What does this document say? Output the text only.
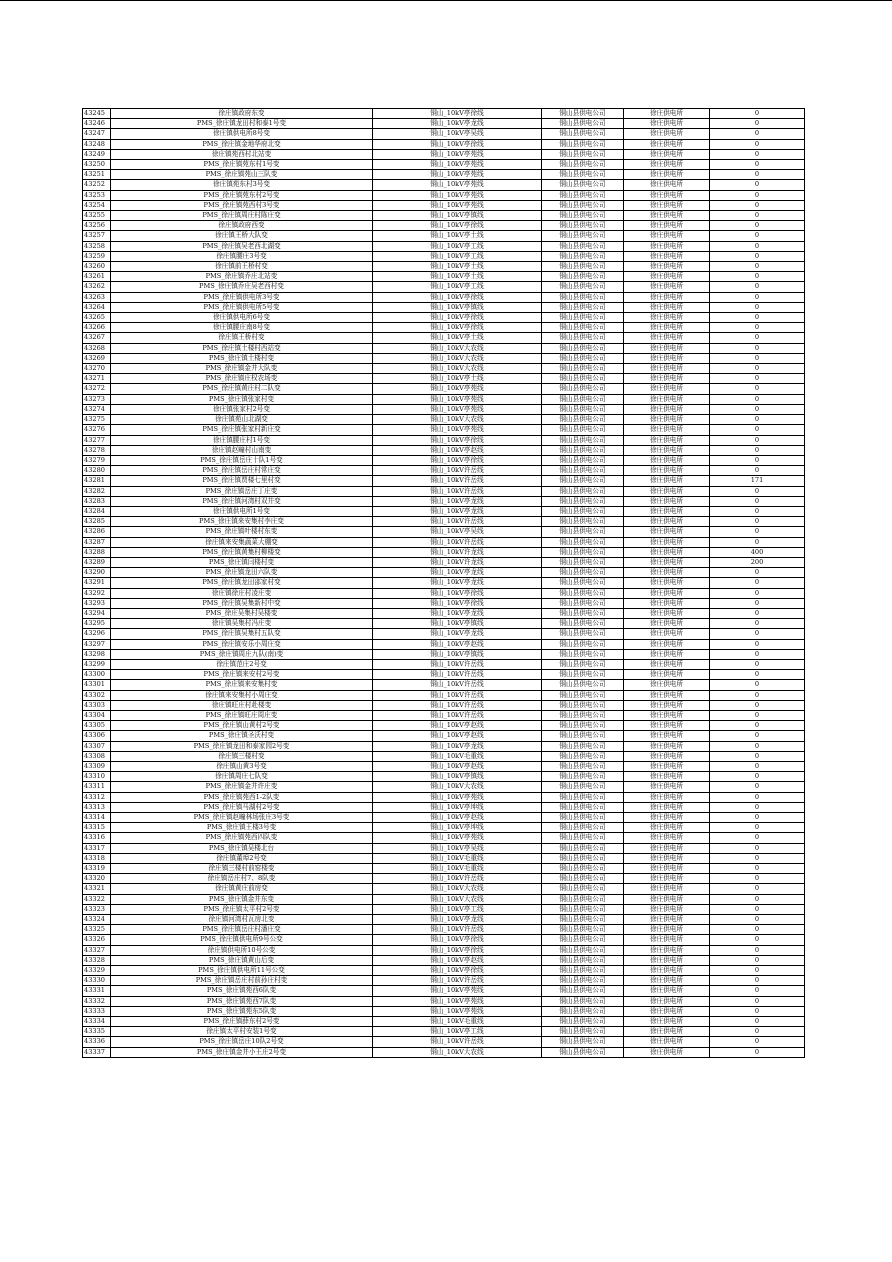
43245	徐庄镇政府东变	铜山_10kV亭徐线	铜山县供电公司	徐庄供电所	0
43246	PMS_徐庄镇龙田村和泰1号变	铜山_10kV亭龙线	铜山县供电公司	徐庄供电所	0
43247	徐庄镇供电所8号变	铜山_10kV亭吴线	铜山县供电公司	徐庄供电所	0
43248	PMS_徐庄镇金地华府北变	铜山_10kV亭徐线	铜山县供电公司	徐庄供电所	0
43249	徐庄镇苑西村北站变	铜山_10kV亭苑线	铜山县供电公司	徐庄供电所	0
43250	PMS_徐庄镇苑东村1号变	铜山_10kV亭苑线	铜山县供电公司	徐庄供电所	0
43251	PMS_徐庄镇苑山三队变	铜山_10kV亭苑线	铜山县供电公司	徐庄供电所	0
43252	徐庄镇苑东村3号变	铜山_10kV亭苑线	铜山县供电公司	徐庄供电所	0
43253	PMS_徐庄镇苑东村2号变	铜山_10kV亭苑线	铜山县供电公司	徐庄供电所	0
43254	PMS_徐庄镇苑西村3号变	铜山_10kV亭苑线	铜山县供电公司	徐庄供电所	0
43255	PMS_徐庄镇周庄村陈庄变	铜山_10kV亭镇线	铜山县供电公司	徐庄供电所	0
43256	徐庄镇政府西变	铜山_10kV亭徐线	铜山县供电公司	徐庄供电所	0
43257	徐庄镇王桥大队变	铜山_10kV亭土线	铜山县供电公司	徐庄供电所	0
43258	PMS_徐庄镇吴老西北湖变	铜山_10kV亭工线	铜山县供电公司	徐庄供电所	0
43259	徐庄镇腰庄3号变	铜山_10kV亭工线	铜山县供电公司	徐庄供电所	0
43260	徐庄镇前王桥村变	铜山_10kV亭土线	铜山县供电公司	徐庄供电所	0
43261	PMS_徐庄镇乔庄北站变	铜山_10kV亭土线	铜山县供电公司	徐庄供电所	0
43262	PMS_徐庄镇乔庄吴老西村变	铜山_10kV亭工线	铜山县供电公司	徐庄供电所	0
43263	PMS_徐庄镇供电所3号变	铜山_10kV亭徐线	铜山县供电公司	徐庄供电所	0
43264	PMS_徐庄镇供电所5号变	铜山_10kV亭镇线	铜山县供电公司	徐庄供电所	0
43265	徐庄镇供电所6号变	铜山_10kV亭徐线	铜山县供电公司	徐庄供电所	0
43266	徐庄镇腰庄南8号变	铜山_10kV亭徐线	铜山县供电公司	徐庄供电所	0
43267	徐庄镇王桥村变	铜山_10kV亭土线	铜山县供电公司	徐庄供电所	0
43268	PMS_徐庄镇土楼村西站变	铜山_10kV大农线	铜山县供电公司	徐庄供电所	0
43269	PMS_徐庄镇土楼村变	铜山_10kV大农线	铜山县供电公司	徐庄供电所	0
43270	PMS_徐庄镇金井大队变	铜山_10kV大农线	铜山县供电公司	徐庄供电所	0
43271	PMS_徐庄镇庄权农场变	铜山_10kV亭土线	铜山县供电公司	徐庄供电所	0
43272	PMS_徐庄镇黄庄村二队变	铜山_10kV亭苑线	铜山县供电公司	徐庄供电所	0
43273	PMS_徐庄镇张家村变	铜山_10kV亭苑线	铜山县供电公司	徐庄供电所	0
43274	徐庄镇张家村2号变	铜山_10kV亭苑线	铜山县供电公司	徐庄供电所	0
43275	徐庄镇苑山北湖变	铜山_10kV大农线	铜山县供电公司	徐庄供电所	0
43276	PMS_徐庄镇张家村新庄变	铜山_10kV亭苑线	铜山县供电公司	徐庄供电所	0
43277	徐庄镇腰庄村1号变	铜山_10kV亭徐线	铜山县供电公司	徐庄供电所	0
43278	徐庄镇赵疃村山南变	铜山_10kV亭赵线	铜山县供电公司	徐庄供电所	0
43279	PMS_徐庄镇岳庄十队1号变	铜山_10kV亭徐线	铜山县供电公司	徐庄供电所	0
43280	PMS_徐庄镇岳庄村常庄变	铜山_10kV许岳线	铜山县供电公司	徐庄供电所	0
43281	PMS_徐庄镇贾楼七里村变	铜山_10kV许岳线	铜山县供电公司	徐庄供电所	171
43282	PMS_徐庄镇岳庄丁庄变	铜山_10kV许岳线	铜山县供电公司	徐庄供电所	0
43283	PMS_徐庄镇河湾村双井变	铜山_10kV亭龙线	铜山县供电公司	徐庄供电所	0
43284	徐庄镇供电所1号变	铜山_10kV亭龙线	铜山县供电公司	徐庄供电所	0
43285	PMS_徐庄镇来安集村李庄变	铜山_10kV许岳线	铜山县供电公司	徐庄供电所	0
43286	PMS_徐庄镇叶楼村东变	铜山_10kV亭吴线	铜山县供电公司	徐庄供电所	0
43287	徐庄镇来安集蔬菜大棚变	铜山_10kV许岳线	铜山县供电公司	徐庄供电所	0
43288	PMS_徐庄镇黄集村柳楼变	铜山_10kV许龙线	铜山县供电公司	徐庄供电所	400
43289	PMS_徐庄镇闫楼村变	铜山_10kV许龙线	铜山县供电公司	徐庄供电所	200
43290	PMS_徐庄镇龙田六队变	铜山_10kV亭龙线	铜山县供电公司	徐庄供电所	0
43291	PMS_徐庄镇龙田邵家村变	铜山_10kV亭龙线	铜山县供电公司	徐庄供电所	0
43292	徐庄镇徐庄村凌庄变	铜山_10kV亭徐线	铜山县供电公司	徐庄供电所	0
43293	PMS_徐庄镇吴集新村中变	铜山_10kV亭徐线	铜山县供电公司	徐庄供电所	0
43294	PMS_徐庄吴集村吴楼变	铜山_10kV亭龙线	铜山县供电公司	徐庄供电所	0
43295	徐庄镇吴集村冯庄变	铜山_10kV亭镇线	铜山县供电公司	徐庄供电所	0
43296	PMS_徐庄镇吴集村五队变	铜山_10kV亭龙线	铜山县供电公司	徐庄供电所	0
43297	PMS_徐庄镇安乐小周庄变	铜山_10kV亭赵线	铜山县供电公司	徐庄供电所	0
43298	PMS_徐庄镇周庄九队(南)变	铜山_10kV亭镇线	铜山县供电公司	徐庄供电所	0
43299	徐庄镇范庄2号变	铜山_10kV许岳线	铜山县供电公司	徐庄供电所	0
43300	PMS_徐庄镇来安村2号变	铜山_10kV许岳线	铜山县供电公司	徐庄供电所	0
43301	PMS_徐庄镇来安集村变	铜山_10kV许岳线	铜山县供电公司	徐庄供电所	0
43302	徐庄镇来安集村小周庄变	铜山_10kV许岳线	铜山县供电公司	徐庄供电所	0
43303	徐庄镇旺庄村赴楼变	铜山_10kV许岳线	铜山县供电公司	徐庄供电所	0
43304	PMS_徐庄镇旺庄周庄变	铜山_10kV许岳线	铜山县供电公司	徐庄供电所	0
43305	PMS_徐庄镇山黄村2号变	铜山_10kV亭赵线	铜山县供电公司	徐庄供电所	0
43306	PMS_徐庄镇圣沃村变	铜山_10kV亭赵线	铜山县供电公司	徐庄供电所	0
43307	PMS_徐庄镇龙田和泰家园2号变	铜山_10kV亭龙线	铜山县供电公司	徐庄供电所	0
43308	徐庄镇三楼村变	铜山_10kV毛重线	铜山县供电公司	徐庄供电所	0
43309	徐庄镇山黄3号变	铜山_10kV亭赵线	铜山县供电公司	徐庄供电所	0
43310	徐庄镇周庄七队变	铜山_10kV亭镇线	铜山县供电公司	徐庄供电所	0
43311	PMS_徐庄镇金井许庄变	铜山_10kV大农线	铜山县供电公司	徐庄供电所	0
43312	PMS_徐庄镇苑西1-2队变	铜山_10kV亭苑线	铜山县供电公司	徐庄供电所	0
43313	PMS_徐庄镇马湖村2号变	铜山_10kV亭坤线	铜山县供电公司	徐庄供电所	0
43314	PMS_徐庄镇赵疃林场张庄3号变	铜山_10kV亭赵线	铜山县供电公司	徐庄供电所	0
43315	PMS_徐庄镇王楼3号变	铜山_10kV亭坤线	铜山县供电公司	徐庄供电所	0
43316	PMS_徐庄镇苑西四队变	铜山_10kV亭苑线	铜山县供电公司	徐庄供电所	0
43317	PMS_徐庄镇吴楼北台	铜山_10kV亭吴线	铜山县供电公司	徐庄供电所	0
43318	徐庄镇董埠2号变	铜山_10kV毛重线	铜山县供电公司	徐庄供电所	0
43319	徐庄镇三楼村前窑楼变	铜山_10kV毛重线	铜山县供电公司	徐庄供电所	0
43320	徐庄镇岳庄村7、8队变	铜山_10kV许岳线	铜山县供电公司	徐庄供电所	0
43321	徐庄镇黄庄前房变	铜山_10kV大农线	铜山县供电公司	徐庄供电所	0
43322	PMS_徐庄镇金井东变	铜山_10kV大农线	铜山县供电公司	徐庄供电所	0
43323	PMS_徐庄镇太平村2号变	铜山_10kV亭工线	铜山县供电公司	徐庄供电所	0
43324	徐庄镇河湾村瓦房北变	铜山_10kV亭龙线	铜山县供电公司	徐庄供电所	0
43325	PMS_徐庄镇岳庄村潘庄变	铜山_10kV许岳线	铜山县供电公司	徐庄供电所	0
43326	PMS_徐庄镇供电所9号公变	铜山_10kV亭徐线	铜山县供电公司	徐庄供电所	0
43327	徐庄镇供电所10号公变	铜山_10kV亭徐线	铜山县供电公司	徐庄供电所	0
43328	PMS_徐庄镇黄山后变	铜山_10kV亭赵线	铜山县供电公司	徐庄供电所	0
43329	PMS_徐庄镇供电所11号公变	铜山_10kV亭徐线	铜山县供电公司	徐庄供电所	0
43330	PMS_徐庄镇岳庄村前孙庄村变	铜山_10kV许岳线	铜山县供电公司	徐庄供电所	0
43331	PMS_徐庄镇苑西6队变	铜山_10kV亭苑线	铜山县供电公司	徐庄供电所	0
43332	PMS_徐庄镇苑西7队变	铜山_10kV亭苑线	铜山县供电公司	徐庄供电所	0
43333	PMS_徐庄镇苑东5队变	铜山_10kV亭苑线	铜山县供电公司	徐庄供电所	0
43334	PMS_徐庄镇薛东村2号变	铜山_10kV毛重线	铜山县供电公司	徐庄供电所	0
43335	徐庄镇太平村安装1号变	铜山_10kV亭工线	铜山县供电公司	徐庄供电所	0
43336	PMS_徐庄镇岳庄10队2号变	铜山_10kV许岳线	铜山县供电公司	徐庄供电所	0
43337	PMS_徐庄镇金井小王庄2号变	铜山_10kV大农线	铜山县供电公司	徐庄供电所	0
